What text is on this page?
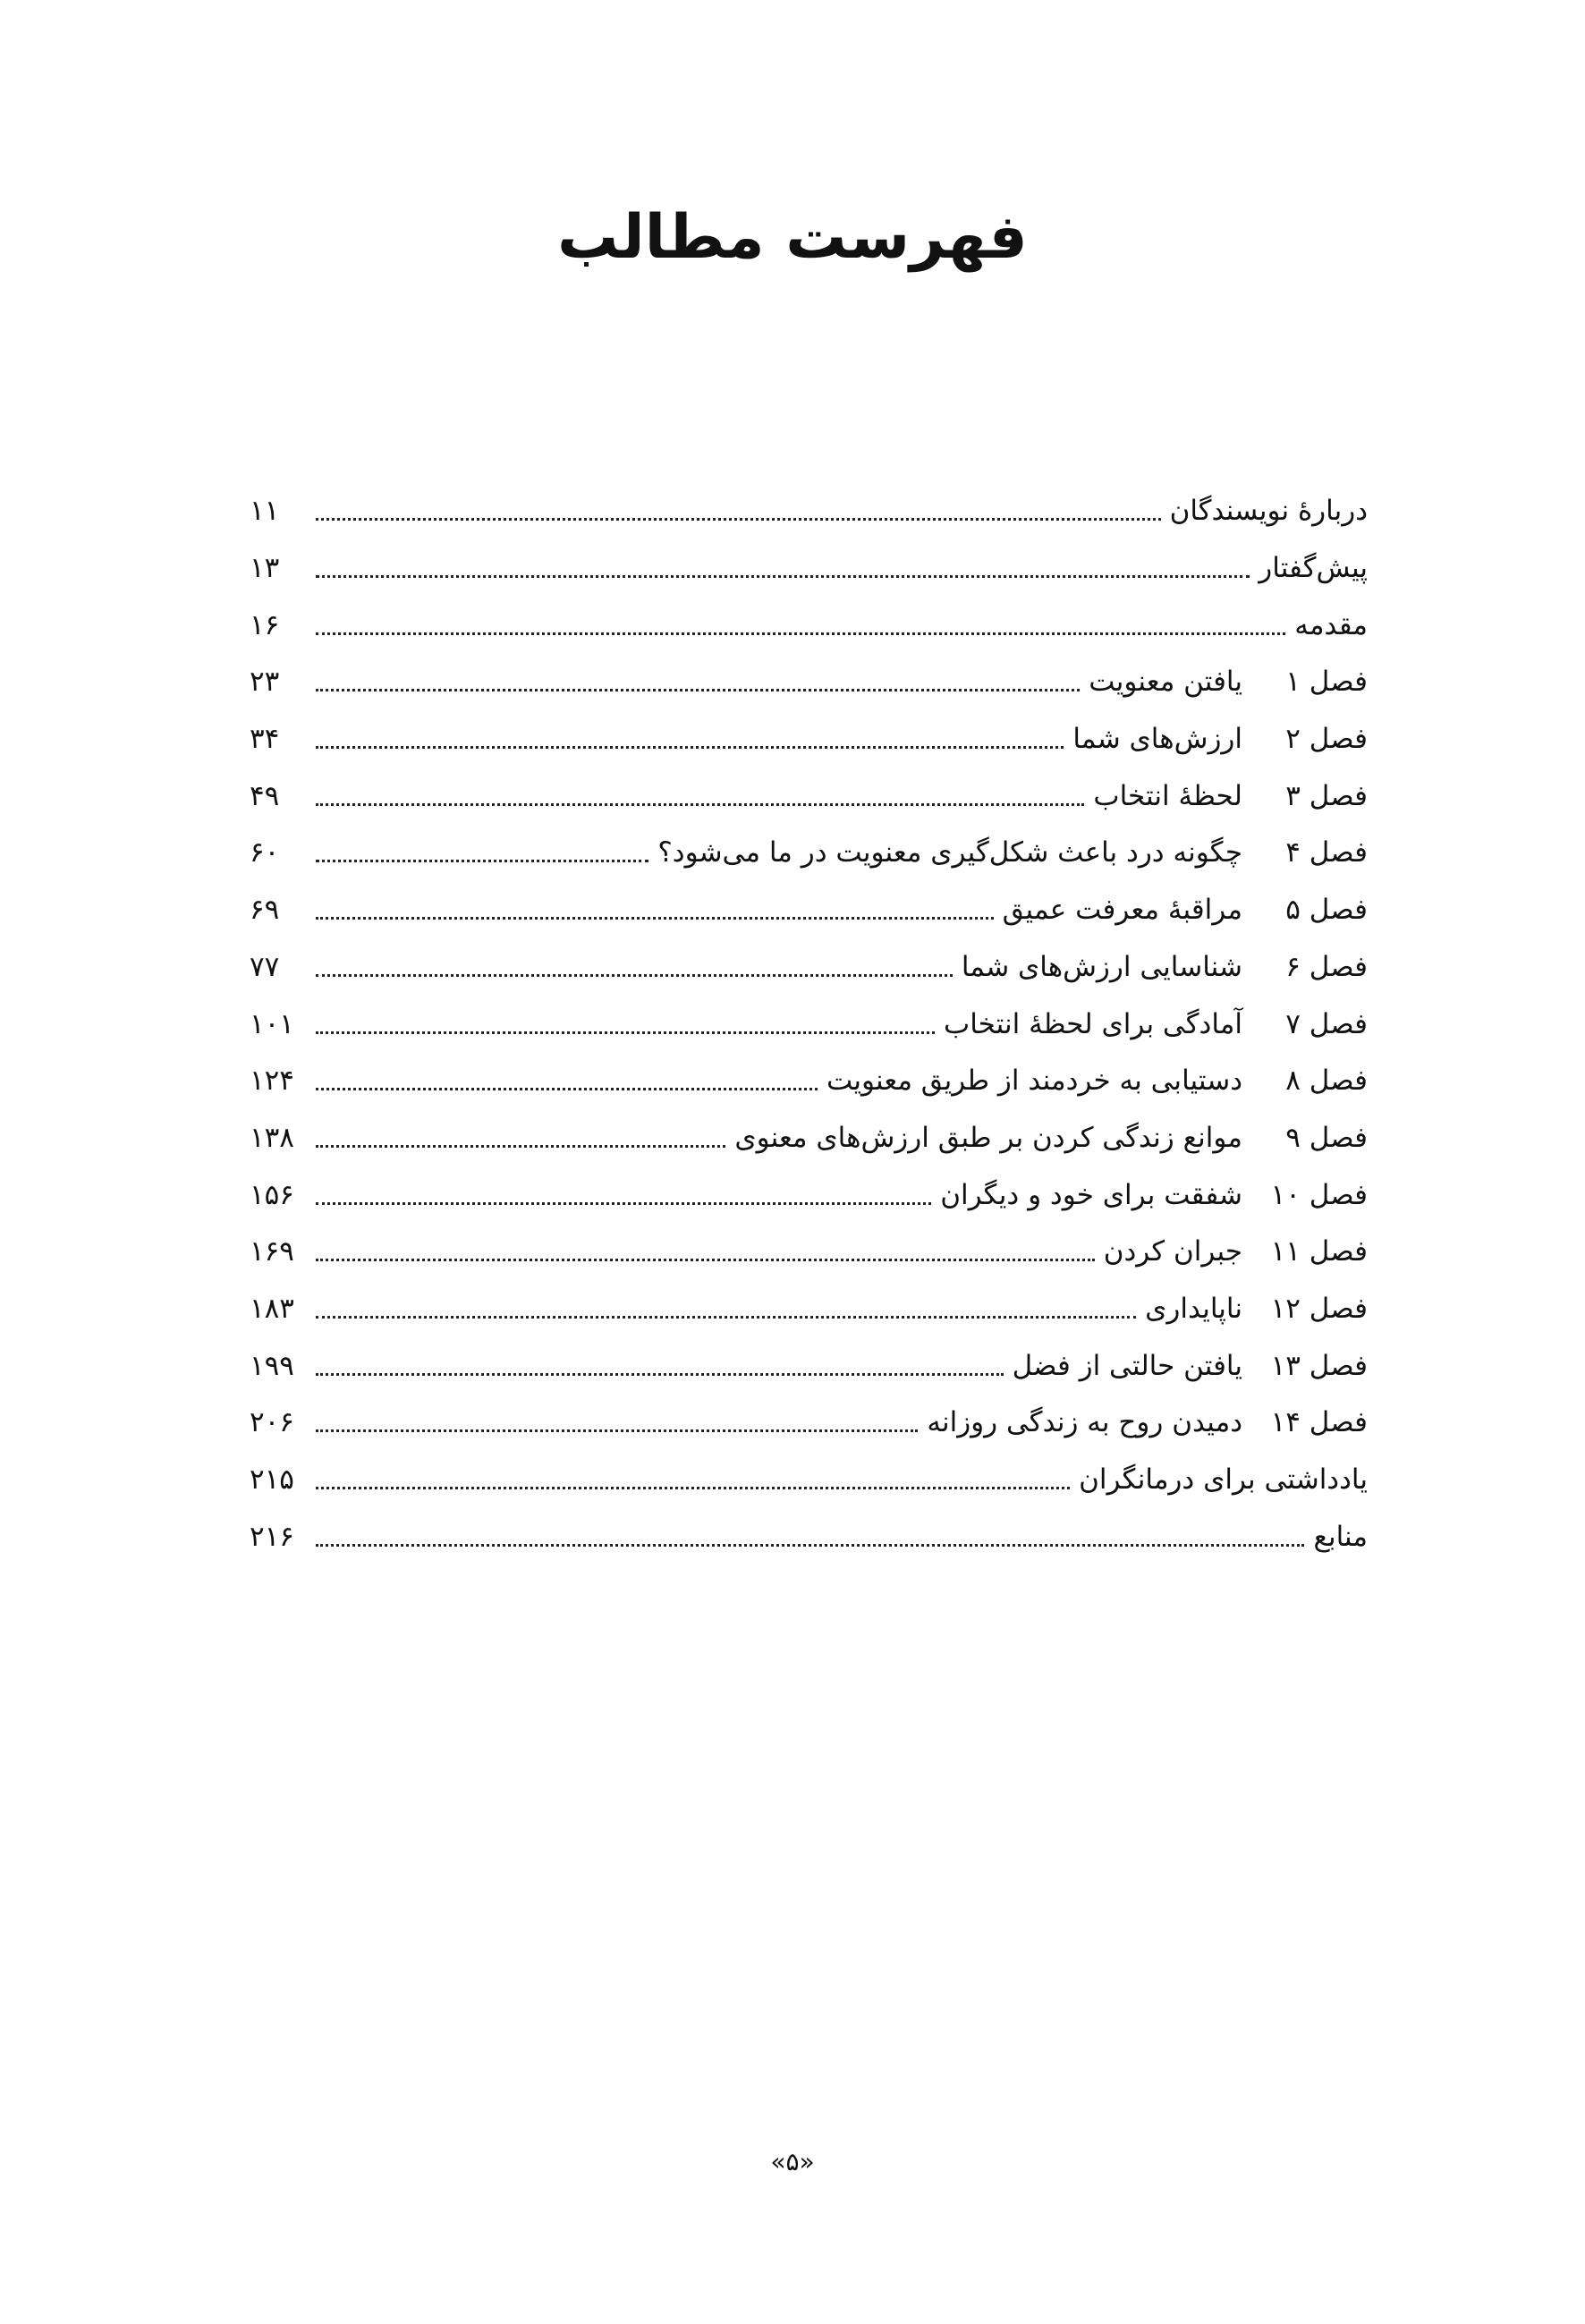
فهرست مطالب
دربارۀ نویسندگان
۱۱
پیش‌گفتار
۱۳
مقدمه
۱۶
فصل ۱
یافتن معنویت
۲۳
فصل ۲
ارزش‌های شما
۳۴
فصل ۳
لحظۀ انتخاب
۴۹
فصل ۴
چگونه درد باعث شکل‌گیری معنویت در ما می‌شود؟
۶۰
فصل ۵
مراقبۀ معرفت عمیق
۶۹
فصل ۶
شناسایی ارزش‌های شما
۷۷
فصل ۷
آمادگی برای لحظۀ انتخاب
۱۰۱
فصل ۸
دستیابی به خردمند از طریق معنویت
۱۲۴
فصل ۹
موانع زندگی کردن بر طبق ارزش‌های معنوی
۱۳۸
فصل ۱۰
شفقت برای خود و دیگران
۱۵۶
فصل ۱۱
جبران کردن
۱۶۹
فصل ۱۲
ناپایداری
۱۸۳
فصل ۱۳
یافتن حالتی از فضل
۱۹۹
فصل ۱۴
دمیدن روح به زندگی روزانه
۲۰۶
یادداشتی برای درمانگران
۲۱۵
منابع
۲۱۶

«۵»
